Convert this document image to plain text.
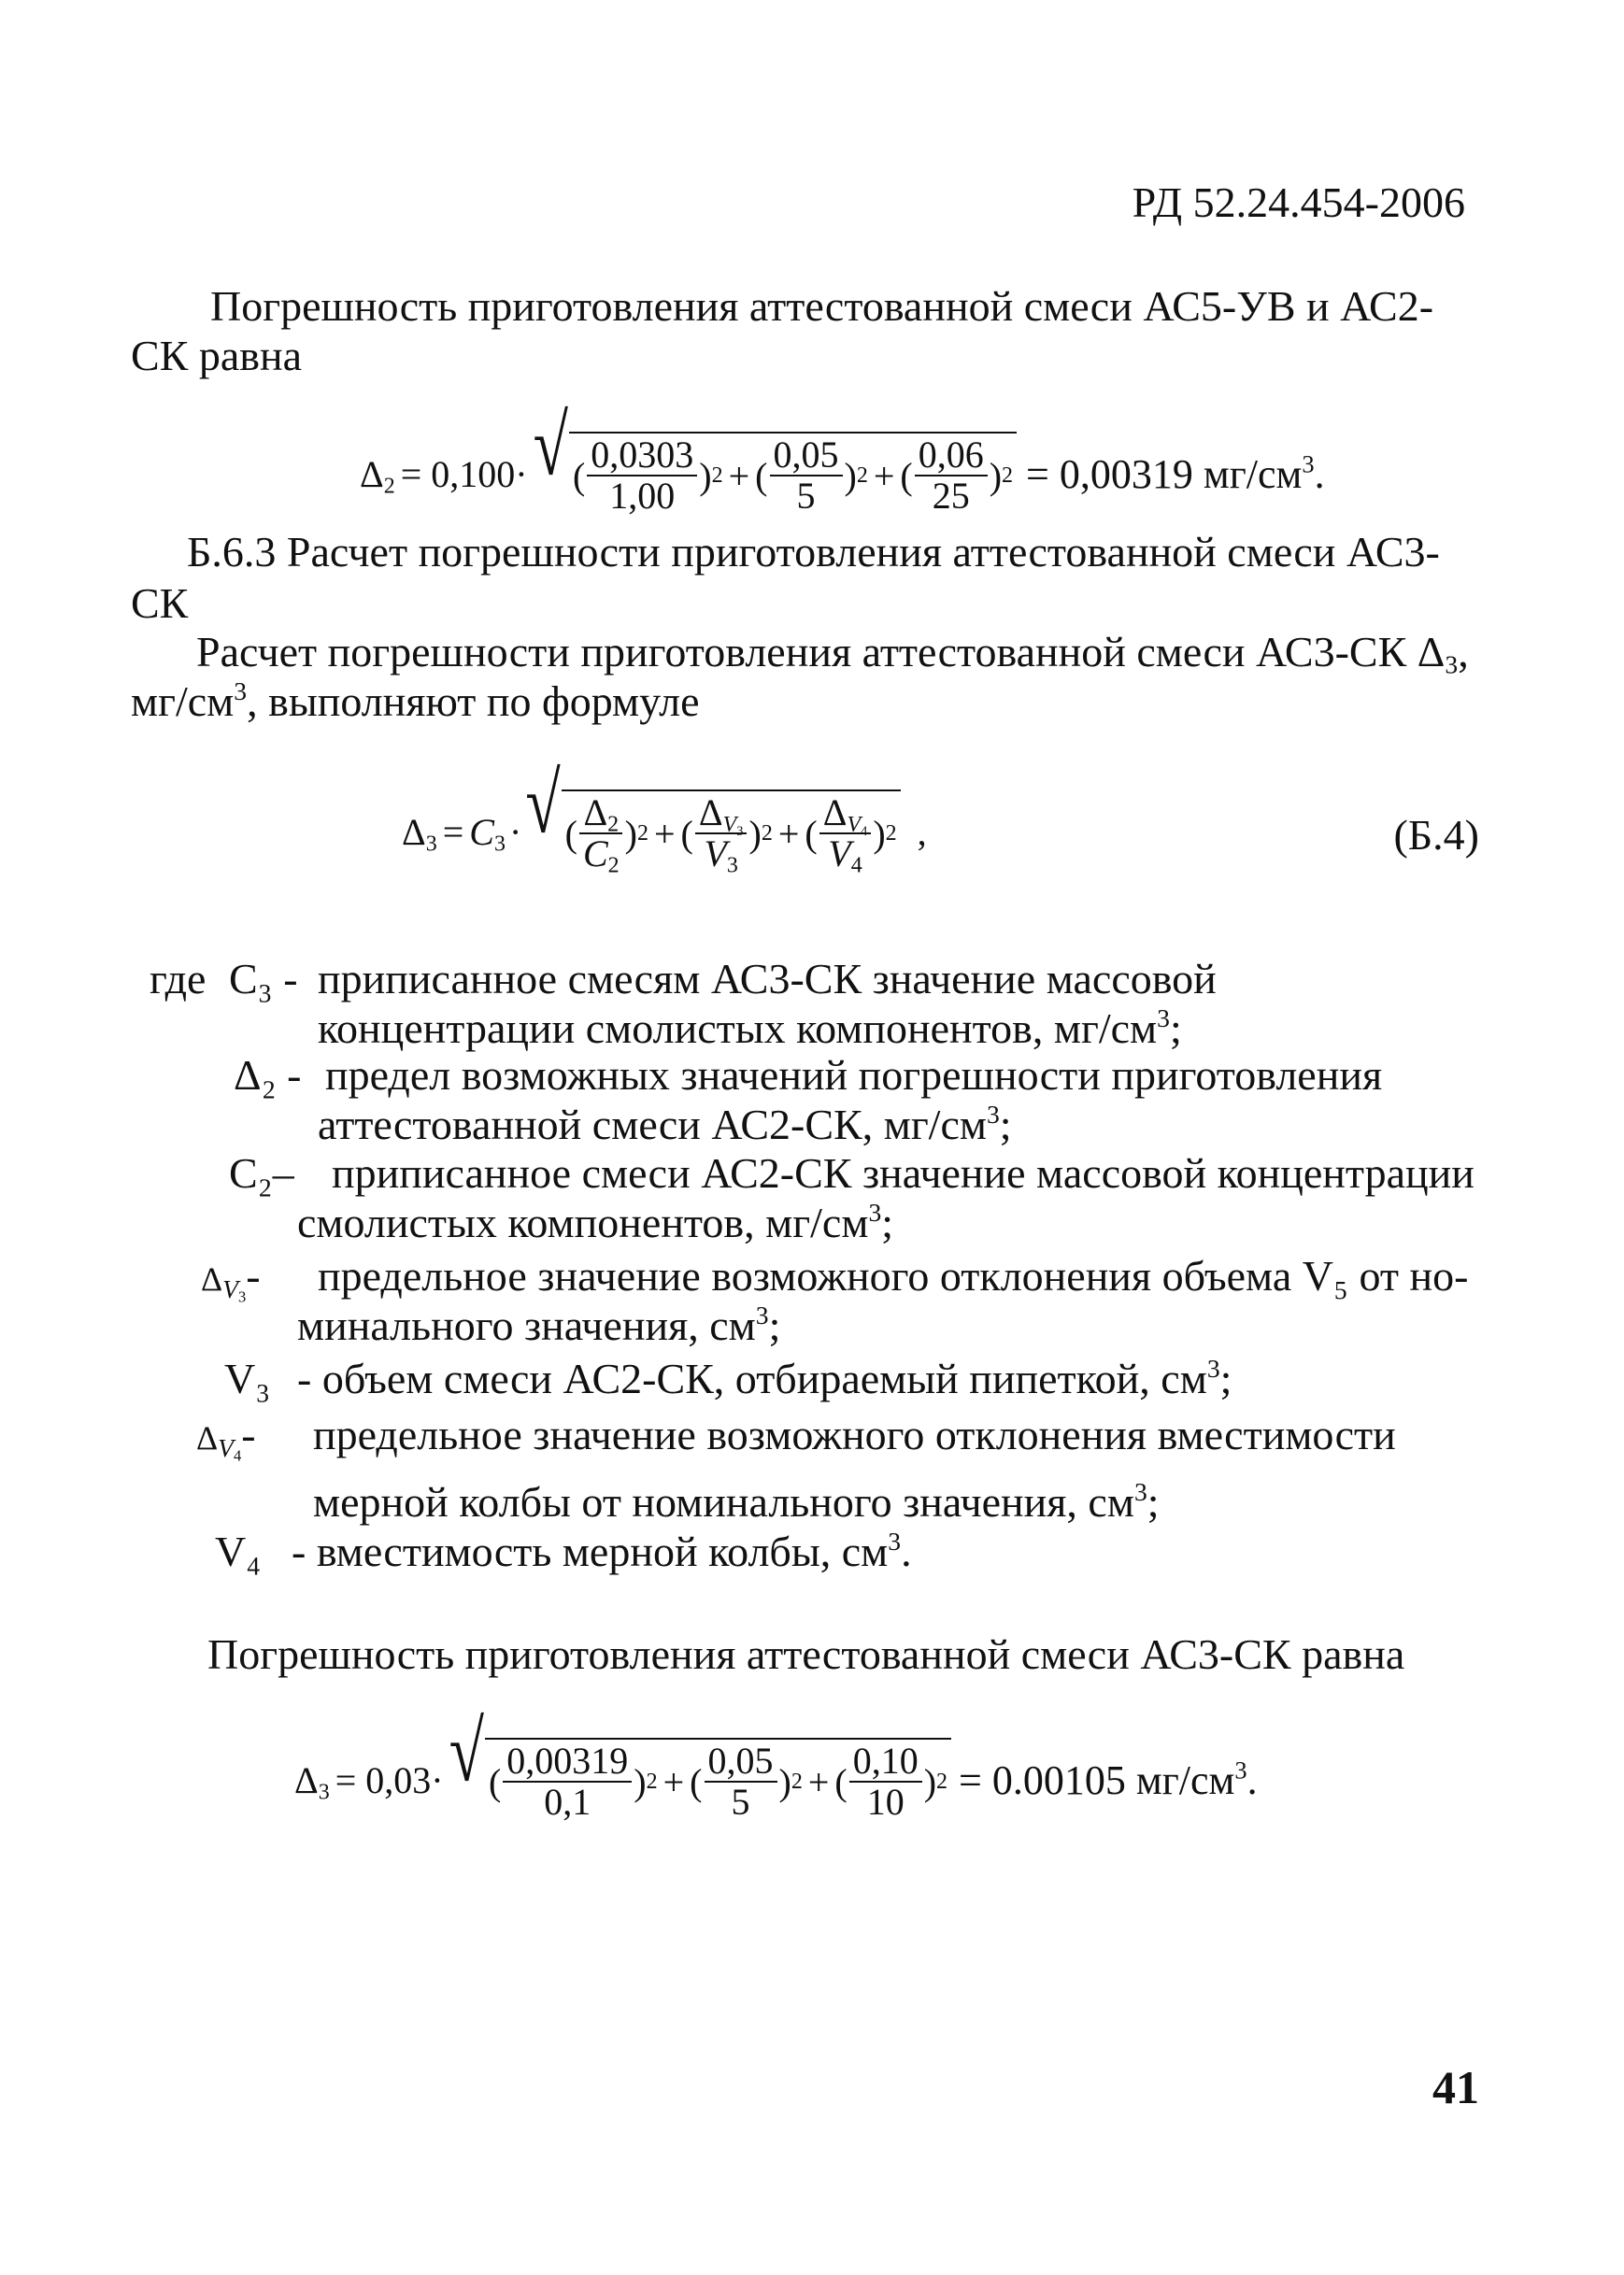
РД 52.24.454-2006
Погрешность приготовления аттестованной смеси АС5-УВ и АС2-
СК равна
$\Delta_2 = 0,100\cdot$ √ ( $\frac{0,0303}{1,00}$ ) 2 + ( $\frac{0,05}{5}$ ) 2 + ( $\frac{0,06}{25}$ ) 2 = 0,00319 $мг/см^3$.
Б.6.3 Расчет погрешности приготовления аттестованной смеси АС3-
СК
Расчет погрешности приготовления аттестованной смеси АС3-СК $\Delta_3$,
$мг/см^3$, выполняют по формуле
$\Delta_3 = C_3$ · √ ( $\frac{\Delta_2}{C_2}$ ) 2 + ( $\frac{\Delta_{V_3}}{V_3}$ ) 2 + ( $\frac{\Delta_{V_4}}{V_4}$ ) 2 ,	(Б.4)
где C₃ - приписанное смесям АС3-СК значение массовой
концентрации смолистых компонентов, $мг/см^3$;
Δ₂ - предел возможных значений погрешности приготовления
аттестованной смеси АС2-СК, $мг/см^3$;
C₂– приписанное смеси АС2-СК значение массовой концентрации
смолистых компонентов, $мг/см^3$;
$\Delta_{V_3}-$ предельное значение возможного отклонения объема V₅ от но-
минального значения, $см^3$;
V₃ - объем смеси АС2-СК, отбираемый пипеткой, $см^3$;
$\Delta_{V_4}-$ предельное значение возможного отклонения вместимости
мерной колбы от номинального значения, $см^3$;
V₄ - вместимость мерной колбы, $см^3$.
Погрешность приготовления аттестованной смеси АС3-СК равна
$\Delta_3 = 0,03\cdot$ √ ( $\frac{0,00319}{0,1}$ ) 2 + ( $\frac{0,05}{5}$ ) 2 + ( $\frac{0,10}{10}$ ) 2 = 0.00105 $мг/см^3$.
41
